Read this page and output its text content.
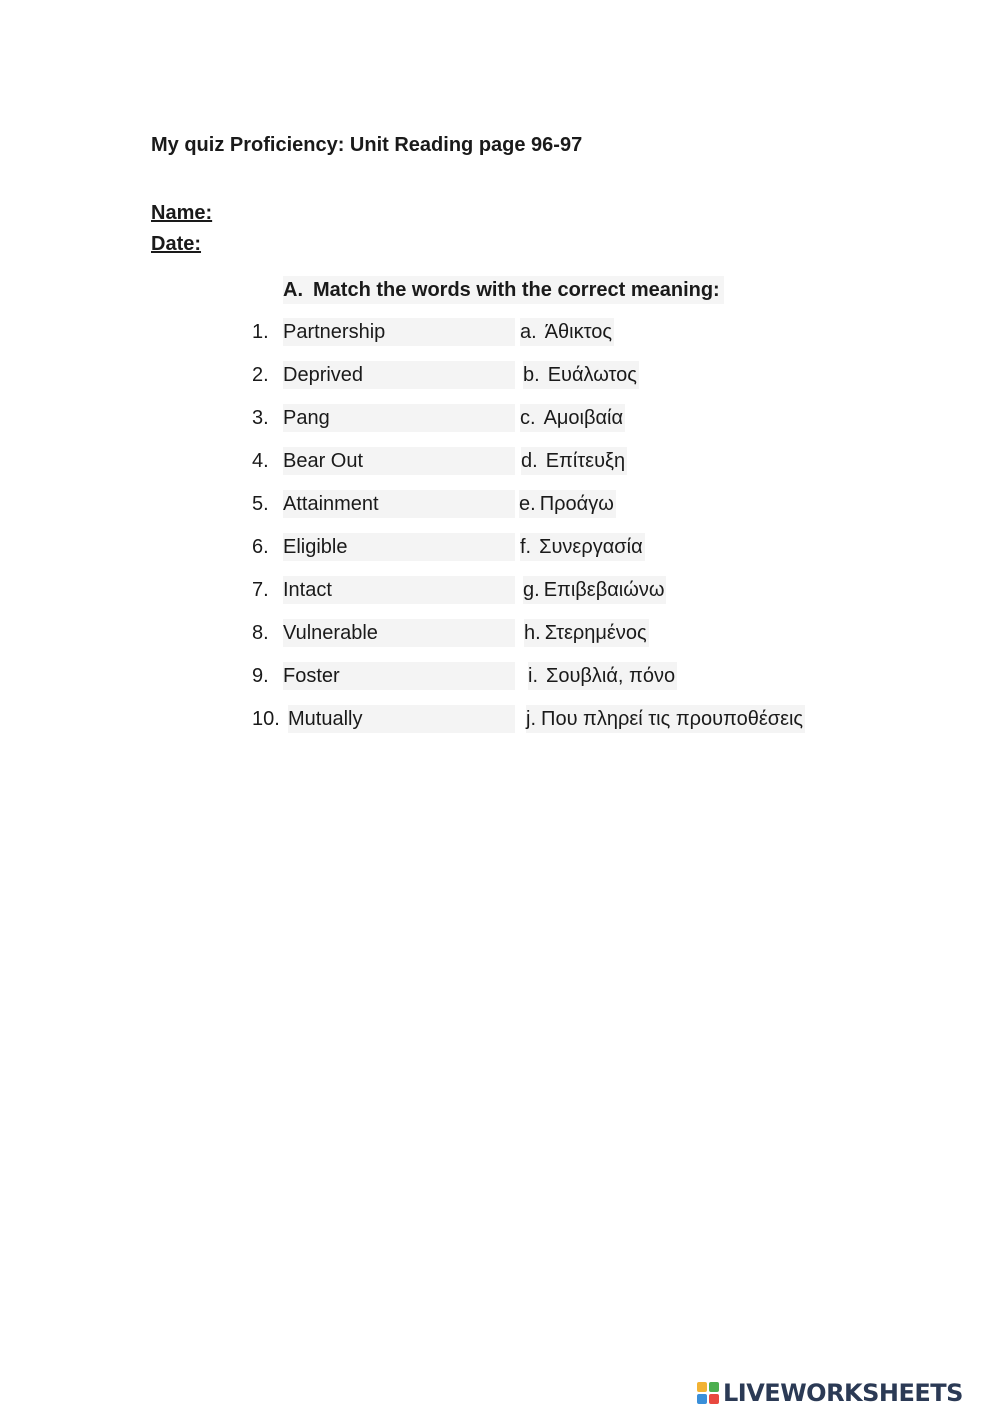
My quiz Proficiency: Unit Reading page 96-97
Name:
Date:
A. Match the words with the correct meaning:
1. Partnership	a. Άθικτος
2. Deprived	b. Ευάλωτος
3. Pang	c. Αμοιβαία
4. Bear Out	d. Επίτευξη
5. Attainment	e. Προάγω
6. Eligible	f. Συνεργασία
7. Intact	g. Επιβεβαιώνω
8. Vulnerable	h. Στερημένος
9. Foster	i. Σουβλιά, πόνο
10. Mutually	j. Που πληρεί τις προυποθέσεις
LIVEWORKSHEETS
